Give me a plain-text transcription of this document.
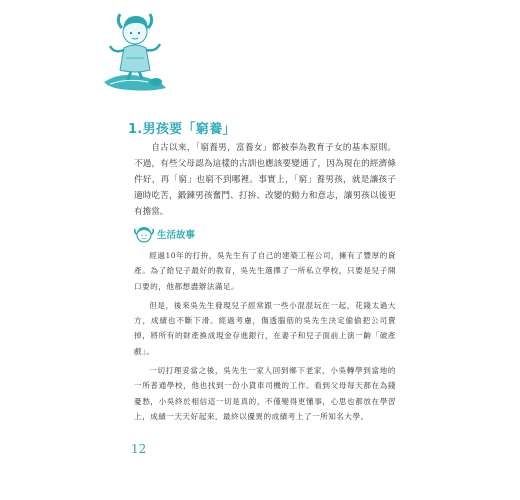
1.男孩要「窮養」

自古以來，「窮養男，富養女」都被奉為教育子女的基本原則。不過，有些父母認為這樣的古訓也應該要變通了，因為現在的經濟條件好，再「窮」也窮不到哪裡。事實上，「窮」養男孩，就是讓孩子適時吃苦，鍛鍊男孩奮鬥、打拚、改變的動力和意志，讓男孩以後更有擔當。

生活故事

經過10年的打拚，吳先生有了自己的建築工程公司，擁有了豐厚的資產。為了給兒子最好的教育，吳先生選擇了一所私立學校，只要是兒子開口要的，他都想盡辦法滿足。

但是，後來吳先生發現兒子經常跟一些小混混玩在一起，花錢太過大方，成績也不斷下滑。經過考慮，傷透腦筋的吳先生決定偷偷把公司賣掉，將所有的財產換成現金存進銀行，在妻子和兒子面前上演一齣「破產戲」。

一切打理妥當之後，吳先生一家人回到鄉下老家，小吳轉學到當地的一所普通學校，他也找到一份小貨車司機的工作。看到父母每天都在為錢憂愁，小吳終於相信這一切是真的，不僅變得更懂事，心思也都放在學習上，成績一天天好起來，最終以優異的成績考上了一所知名大學。

12
